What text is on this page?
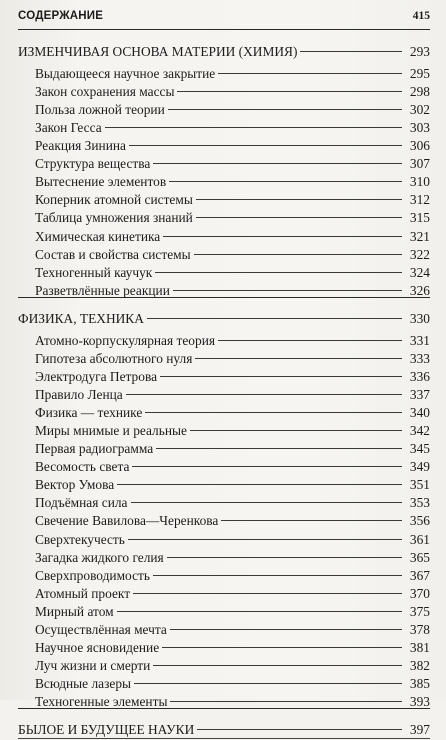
СОДЕРЖАНИЕ	415
ИЗМЕНЧИВАЯ ОСНОВА МАТЕРИИ (ХИМИЯ)	293
Выдающееся научное закрытие	295
Закон сохранения массы	298
Польза ложной теории	302
Закон Гесса	303
Реакция Зинина	306
Структура вещества	307
Вытеснение элементов	310
Коперник атомной системы	312
Таблица умножения знаний	315
Химическая кинетика	321
Состав и свойства системы	322
Техногенный каучук	324
Разветвлённые реакции	326
ФИЗИКА, ТЕХНИКА	330
Атомно-корпускулярная теория	331
Гипотеза абсолютного нуля	333
Электродуга Петрова	336
Правило Ленца	337
Физика — технике	340
Миры мнимые и реальные	342
Первая радиограмма	345
Весомость света	349
Вектор Умова	351
Подъёмная сила	353
Свечение Вавилова—Черенкова	356
Сверхтекучесть	361
Загадка жидкого гелия	365
Сверхпроводимость	367
Атомный проект	370
Мирный атом	375
Осуществлённая мечта	378
Научное ясновидение	381
Луч жизни и смерти	382
Всюдные лазеры	385
Техногенные элементы	393
БЫЛОЕ И БУДУЩЕЕ НАУКИ	397
